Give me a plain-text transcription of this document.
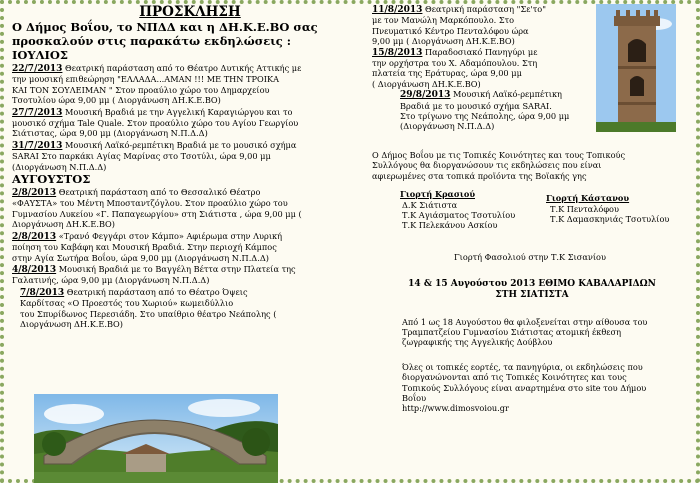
ΠΡΟΣΚΛΗΣΗ
Ο Δήμος Βοΐου, το ΝΠΔΔ και η ΔΗ.Κ.Ε.ΒΟ σας
προσκαλούν στις παρακάτω εκδηλώσεις :
ΙΟΥΛΙΟΣ
22/7/2013 Θεατρική παράσταση από το Θέατρο Δυτικής Αττικής με
την μουσική επιθεώρηση "ΕΛΛΑΔΑ...ΑΜΑΝ !!! ΜΕ ΤΗΝ ΤΡΟΙΚΑ
ΚΑΙ ΤΟΝ ΣΟΥΛΕΙΜΑΝ " Στον προαύλιο χώρο του Δημαρχείου
Τσοτυλίου ώρα 9,00 μμ ( Διοργάνωση ΔΗ.Κ.Ε.ΒΟ)
27/7/2013 Μουσική Βραδιά με την Αγγελική Καραγιώργου και το
μουσικό σχήμα Tale Quale. Στον προαύλιο χώρο του Αγίου Γεωργίου
Σιάτιστας, ώρα 9,00 μμ (Διοργάνωση Ν.Π.Δ.Δ)
31/7/2013 Μουσική Λαϊκό-ρεμπέτικη Βραδιά με το μουσικό σχήμα
SARAI Στο παρκάκι Αγίας Μαρίνας στο Τσοτύλι, ώρα 9,00 μμ
(Διοργάνωση Ν.Π.Δ.Δ)
ΑΥΓΟΥΣΤΟΣ
2/8/2013 Θεατρική παράσταση από το Θεσσαλικό Θέατρο
«ΦΑΥΣΤΑ» του Μέντη Μποσταντζόγλου. Στον προαύλιο χώρο του
Γυμνασίου Λυκείου «Γ. Παπαγεωργίου» στη Σιάτιστα , ώρα 9,00 μμ (
Διοργάνωση ΔΗ.Κ.Ε.ΒΟ)
2/8/2013 «Τρανό Φεγγάρι στον Κάμπο» Αφιέρωμα στην Λυρική
ποίηση του Καβάφη και Μουσική Βραδιά. Στην περιοχή Κάμπος
στην Αγία Σωτήρα Βοΐου, ώρα 9,00 μμ (Διοργάνωση Ν.Π.Δ.Δ)
4/8/2013 Μουσική Βραδιά με το Βαγγέλη Βέττα στην Πλατεία της
Γαλατινής, ώρα 9,00 μμ (Διοργάνωση Ν.Π.Δ.Δ)
7/8/2013 Θεατρική παράσταση από το Θέατρο Όψεις
Καρδίτσας «Ο Προεστός του Χωριού» κωμειδύλλιο
του Σπυρίδωνος Περεσιάδη. Στο υπαίθριο θέατρο Νεάπολης (
Διοργάνωση ΔΗ.Κ.Ε.ΒΟ)
11/8/2013 Θεατρική παράσταση "Σε'το"
με τον Μανώλη Μαρκόπουλο. Στο
Πνευματικό Κέντρο Πενταλόφου ώρα
9,00 μμ ( Διοργάνωση ΔΗ.Κ.Ε.ΒΟ)
15/8/2013 Παραδοσιακό Πανηγύρι με
την ορχήστρα του Χ. Αδαμόπουλου. Στη
πλατεία της Εράτυρας, ώρα 9,00 μμ
( Διοργάνωση ΔΗ.Κ.Ε.ΒΟ)
29/8/2013 Μουσική Λαϊκό-ρεμπέτικη
Βραδιά με το μουσικό σχήμα SARAI.
Στο τρίγωνο της Νεάπολης, ώρα 9,00 μμ
(Διοργάνωση Ν.Π.Δ.Δ)
Ο Δήμος Βοΐου με τις Τοπικές Κοινότητες και τους Τοπικούς
Συλλόγους θα διοργανώσουν τις εκδηλώσεις που είναι
αφιερωμένες στα τοπικά προϊόντα της Βοϊακής γης
Γιορτή Κρασιού
Δ.Κ Σιάτιστα
Τ.Κ Αγιάσματος Τσοτυλίου
Τ.Κ Πελεκάνου Ασκίου
Γιορτή Κάστανου
Τ.Κ Πενταλόφου
Τ.Κ Δαμασκηνιάς Τσοτυλίου
Γιορτή Φασολιού στην Τ.Κ Σισανίου
14 & 15 Αυγούστου 2013 ΕΘΙΜΟ ΚΑΒΑΛΑΡΙΔΩΝ
ΣΤΗ ΣΙΑΤΙΣΤΑ
Από 1 ως 18 Αυγούστου θα φιλοξενείται στην αίθουσα του
Τραμπατζείου Γυμνασίου Σιάτιστας ατομική έκθεση
ζωγραφικής της Αγγελικής Δούβλου
Όλες οι τοπικές εορτές, τα πανηγύρια, οι εκδηλώσεις που
διοργανώνονται από τις Τοπικές Κοινότητες και τους
Τοπικούς Συλλόγους είναι αναρτημένα στο site του Δήμου
Βοΐου
http://www.dimosvoiou.gr
